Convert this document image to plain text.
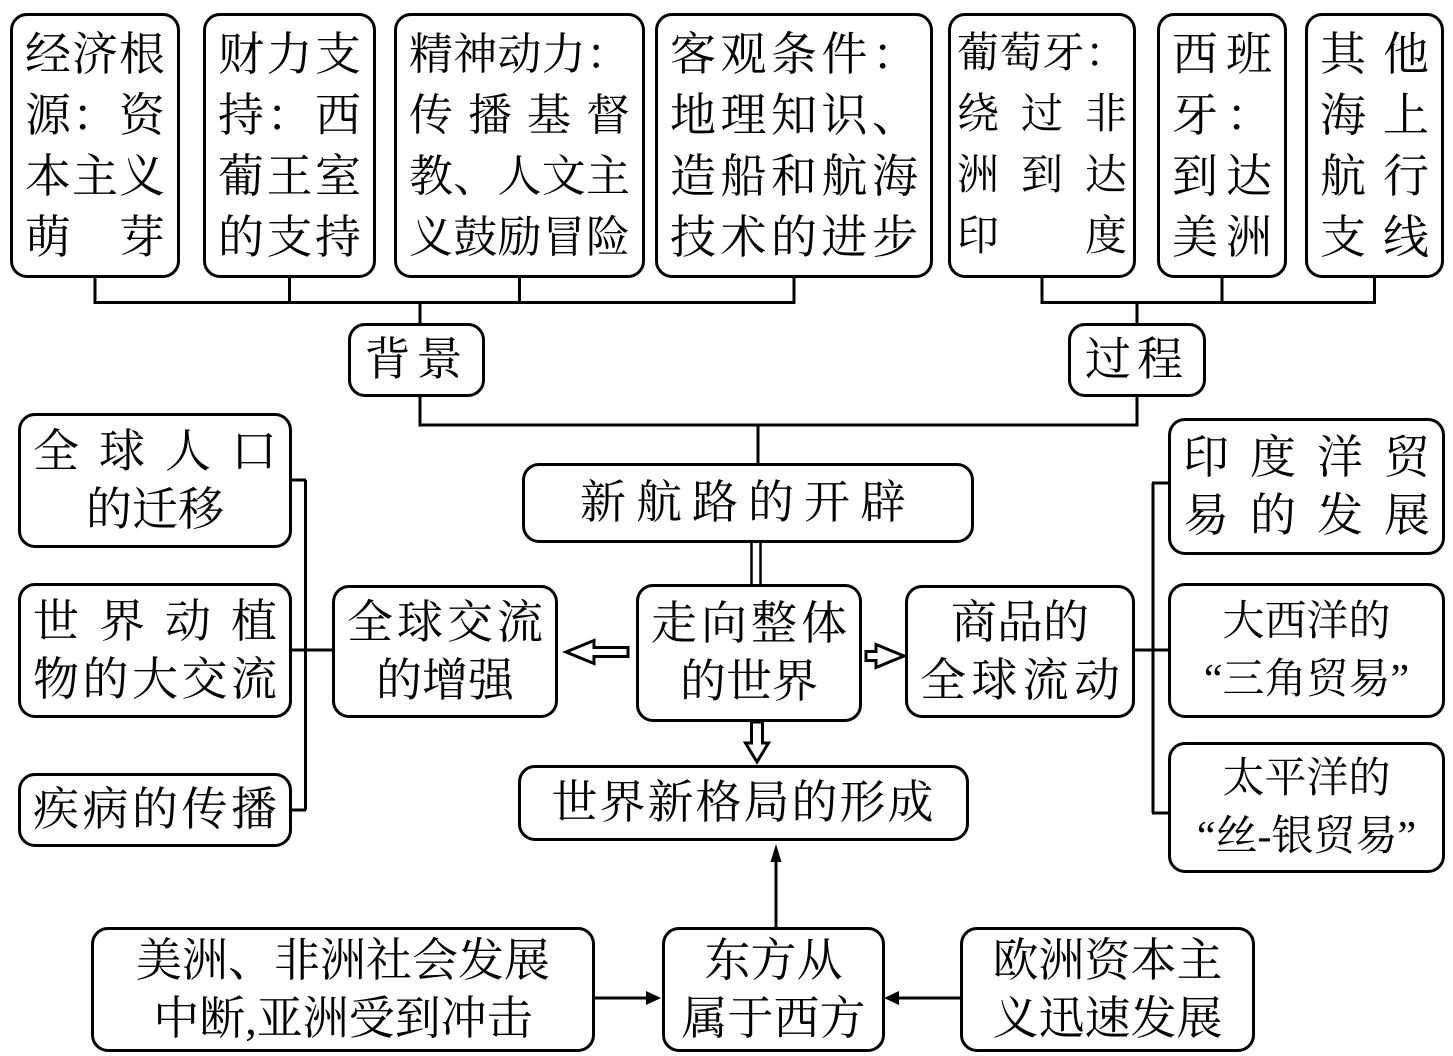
经济根
源：资
本主义
萌芽
财力支
持：西
葡王室
的支持
精神动力：
传播基督
教、人文主
义鼓励冒险
客观条件：
地理知识、
造船和航海
技术的进步
葡萄牙：
绕过非
洲到达
印度
西班
牙：
到达
美洲
其他
海上
航行
支线
背景	过程
新航路的开辟
全球人口
的迁移
世界动植
物的大交流
疾病的传播
全球交流
的增强
走向整体
的世界
商品的
全球流动
印度洋贸
易的发展
大西洋的
“三角贸易”
太平洋的
“丝-银贸易”
世界新格局的形成
美洲、非洲社会发展
中断,亚洲受到冲击
东方从
属于西方
欧洲资本主
义迅速发展
